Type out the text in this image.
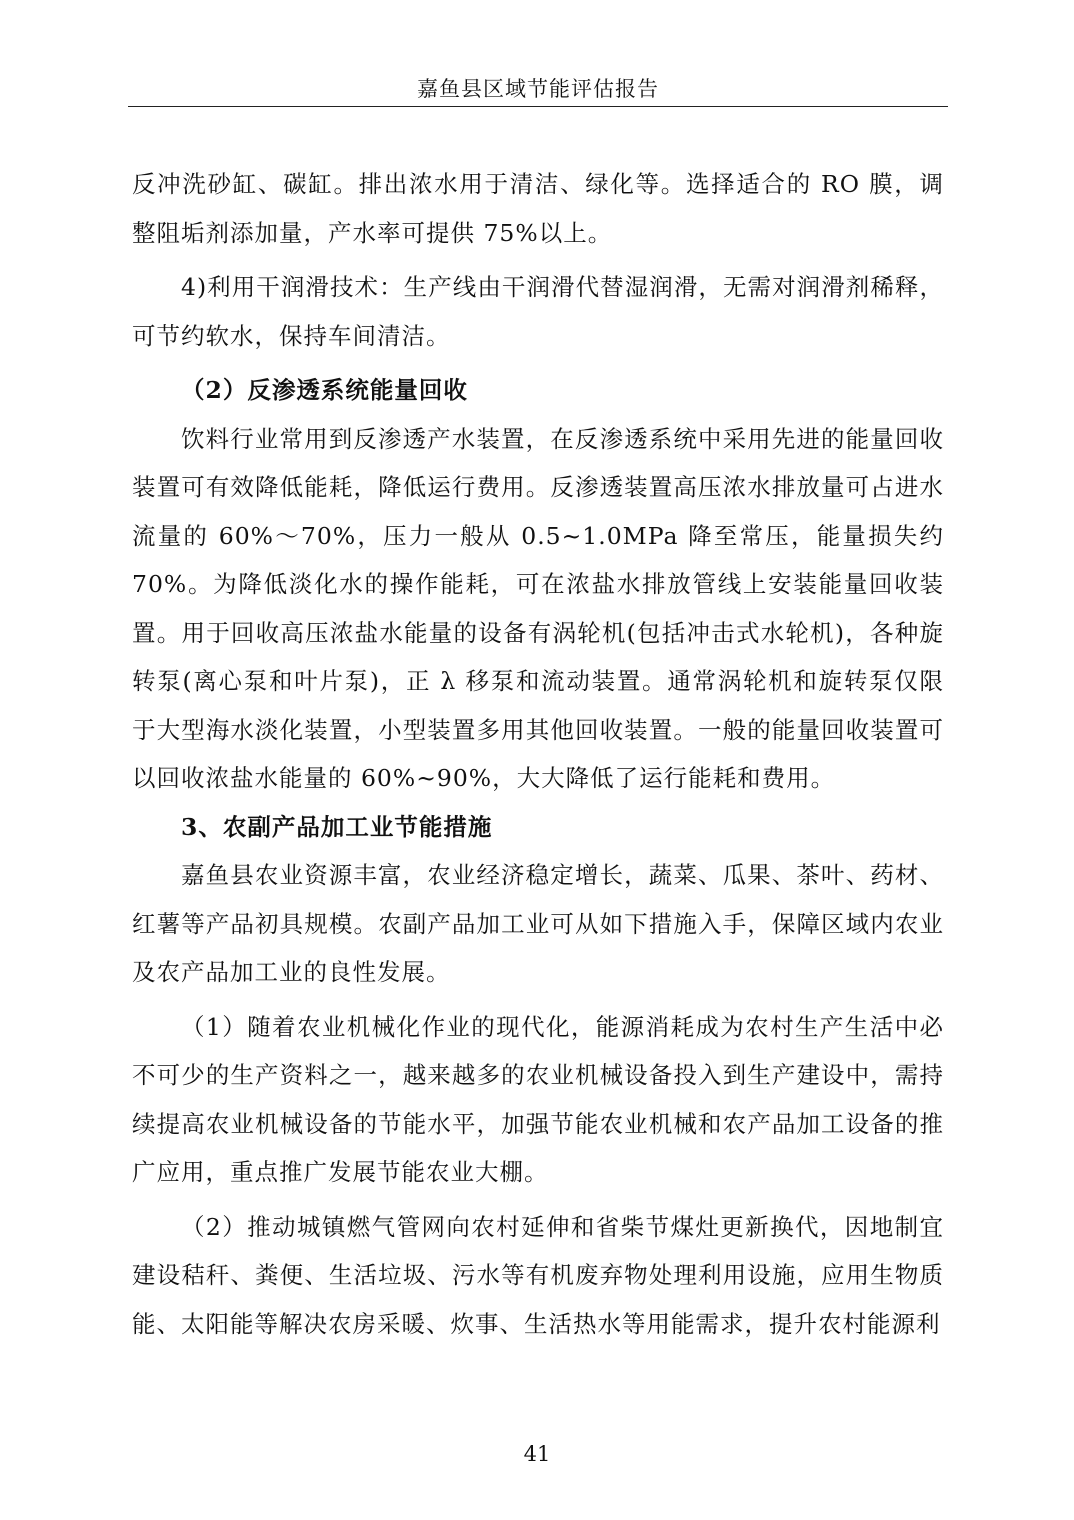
嘉鱼县区域节能评估报告

反冲洗砂缸、碳缸。排出浓水用于清洁、绿化等。选择适合的 RO 膜，调整阻垢剂添加量，产水率可提供 75%以上。

4)利用干润滑技术：生产线由干润滑代替湿润滑，无需对润滑剂稀释，可节约软水，保持车间清洁。

（2）反渗透系统能量回收

饮料行业常用到反渗透产水装置，在反渗透系统中采用先进的能量回收装置可有效降低能耗，降低运行费用。反渗透装置高压浓水排放量可占进水流量的 60%～70%，压力一般从 0.5~1.0MPa 降至常压，能量损失约 70%。为降低淡化水的操作能耗，可在浓盐水排放管线上安装能量回收装置。用于回收高压浓盐水能量的设备有涡轮机(包括冲击式水轮机)，各种旋转泵(离心泵和叶片泵)，正 λ 移泵和流动装置。通常涡轮机和旋转泵仅限于大型海水淡化装置，小型装置多用其他回收装置。一般的能量回收装置可以回收浓盐水能量的 60%~90%，大大降低了运行能耗和费用。

3、农副产品加工业节能措施

嘉鱼县农业资源丰富，农业经济稳定增长，蔬菜、瓜果、茶叶、药材、红薯等产品初具规模。农副产品加工业可从如下措施入手，保障区域内农业及农产品加工业的良性发展。

（1）随着农业机械化作业的现代化，能源消耗成为农村生产生活中必不可少的生产资料之一，越来越多的农业机械设备投入到生产建设中，需持续提高农业机械设备的节能水平，加强节能农业机械和农产品加工设备的推广应用，重点推广发展节能农业大棚。

（2）推动城镇燃气管网向农村延伸和省柴节煤灶更新换代，因地制宜建设秸秆、粪便、生活垃圾、污水等有机废弃物处理利用设施，应用生物质能、太阳能等解决农房采暖、炊事、生活热水等用能需求，提升农村能源利

41
